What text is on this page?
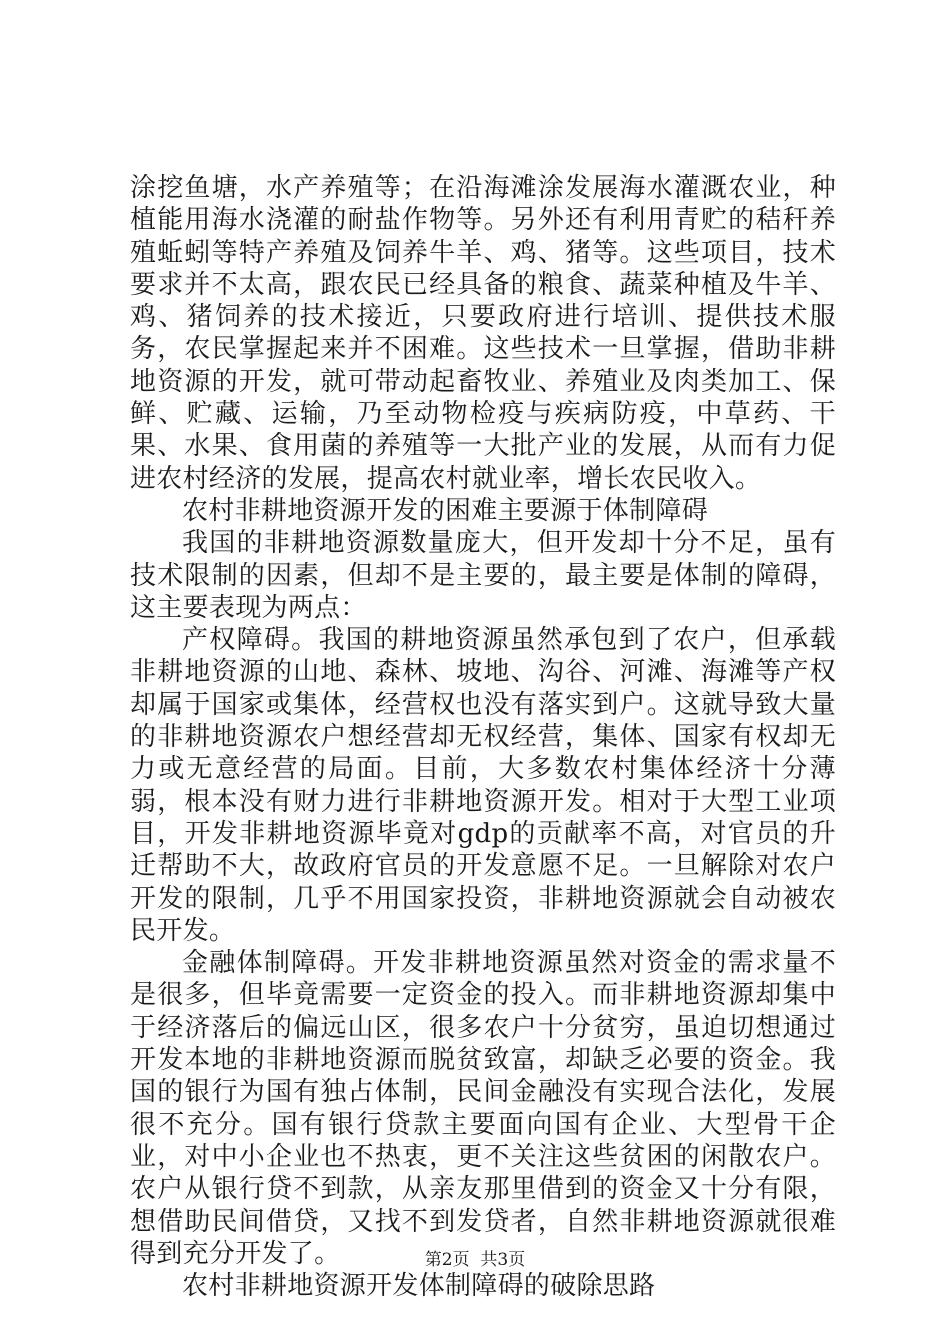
涂挖鱼塘，水产养殖等；在沿海滩涂发展海水灌溉农业，种植能用海水浇灌的耐盐作物等。另外还有利用青贮的秸秆养殖蚯蚓等特产养殖及饲养牛羊、鸡、猪等。这些项目，技术要求并不太高，跟农民已经具备的粮食、蔬菜种植及牛羊、鸡、猪饲养的技术接近，只要政府进行培训、提供技术服务，农民掌握起来并不困难。这些技术一旦掌握，借助非耕地资源的开发，就可带动起畜牧业、养殖业及肉类加工、保鲜、贮藏、运输，乃至动物检疫与疾病防疫，中草药、干果、水果、食用菌的养殖等一大批产业的发展，从而有力促进农村经济的发展，提高农村就业率，增长农民收入。

农村非耕地资源开发的困难主要源于体制障碍

我国的非耕地资源数量庞大，但开发却十分不足，虽有技术限制的因素，但却不是主要的，最主要是体制的障碍，这主要表现为两点：

产权障碍。我国的耕地资源虽然承包到了农户，但承载非耕地资源的山地、森林、坡地、沟谷、河滩、海滩等产权却属于国家或集体，经营权也没有落实到户。这就导致大量的非耕地资源农户想经营却无权经营，集体、国家有权却无力或无意经营的局面。目前，大多数农村集体经济十分薄弱，根本没有财力进行非耕地资源开发。相对于大型工业项目，开发非耕地资源毕竟对gdp的贡献率不高，对官员的升迁帮助不大，故政府官员的开发意愿不足。一旦解除对农户开发的限制，几乎不用国家投资，非耕地资源就会自动被农民开发。

金融体制障碍。开发非耕地资源虽然对资金的需求量不是很多，但毕竟需要一定资金的投入。而非耕地资源却集中于经济落后的偏远山区，很多农户十分贫穷，虽迫切想通过开发本地的非耕地资源而脱贫致富，却缺乏必要的资金。我国的银行为国有独占体制，民间金融没有实现合法化，发展很不充分。国有银行贷款主要面向国有企业、大型骨干企业，对中小企业也不热衷，更不关注这些贫困的闲散农户。农户从银行贷不到款，从亲友那里借到的资金又十分有限，想借助民间借贷，又找不到发贷者，自然非耕地资源就很难得到充分开发了。

农村非耕地资源开发体制障碍的破除思路

第2页 共3页
